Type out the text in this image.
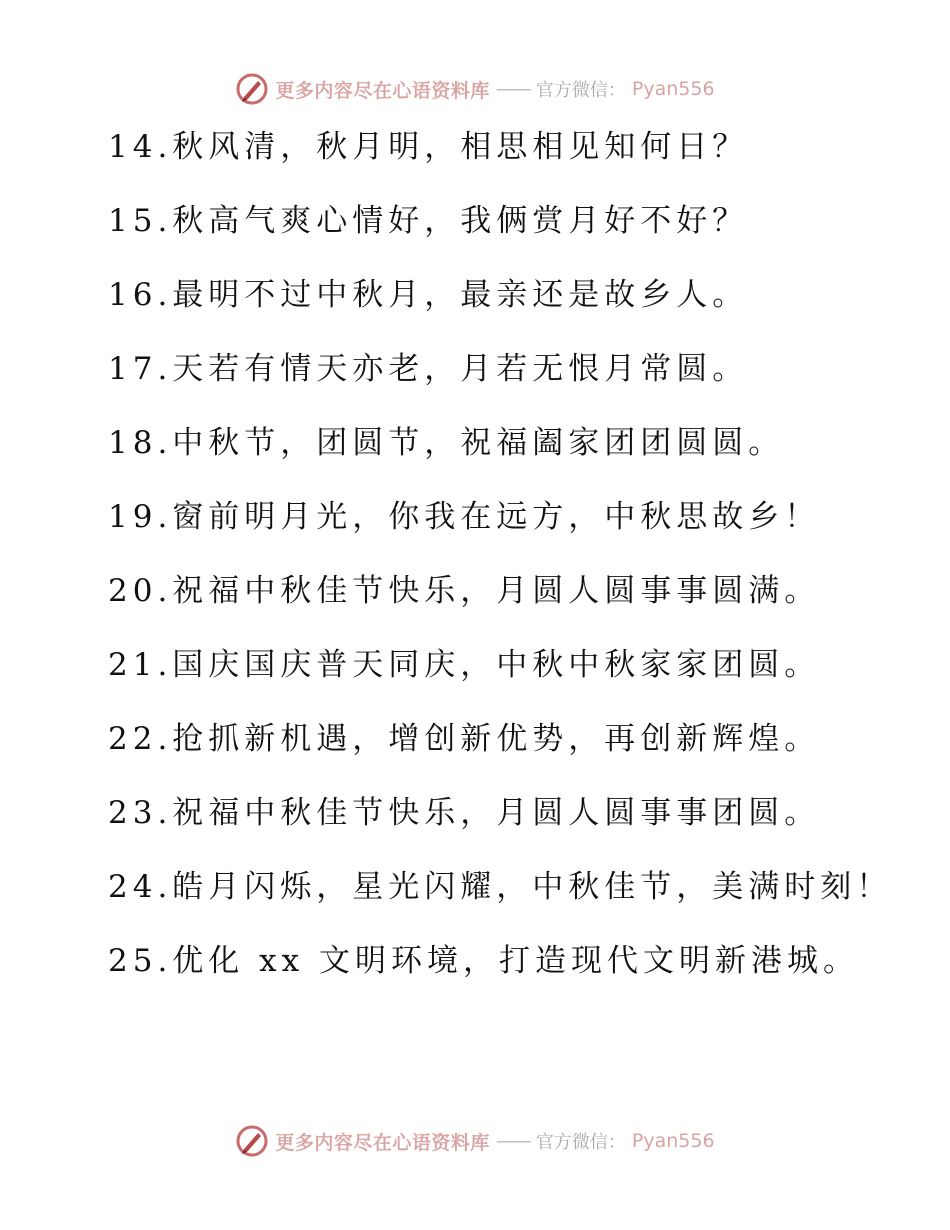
更多内容尽在心语资料库 —— 官方微信： Pyan556
14.秋风清，秋月明，相思相见知何日？
15.秋高气爽心情好，我俩赏月好不好？
16.最明不过中秋月，最亲还是故乡人。
17.天若有情天亦老，月若无恨月常圆。
18.中秋节，团圆节，祝福阖家团团圆圆。
19.窗前明月光，你我在远方，中秋思故乡！
20.祝福中秋佳节快乐，月圆人圆事事圆满。
21.国庆国庆普天同庆，中秋中秋家家团圆。
22.抢抓新机遇，增创新优势，再创新辉煌。
23.祝福中秋佳节快乐，月圆人圆事事团圆。
24.皓月闪烁，星光闪耀，中秋佳节，美满时刻！
25.优化 xx 文明环境，打造现代文明新港城。
更多内容尽在心语资料库 —— 官方微信： Pyan556
